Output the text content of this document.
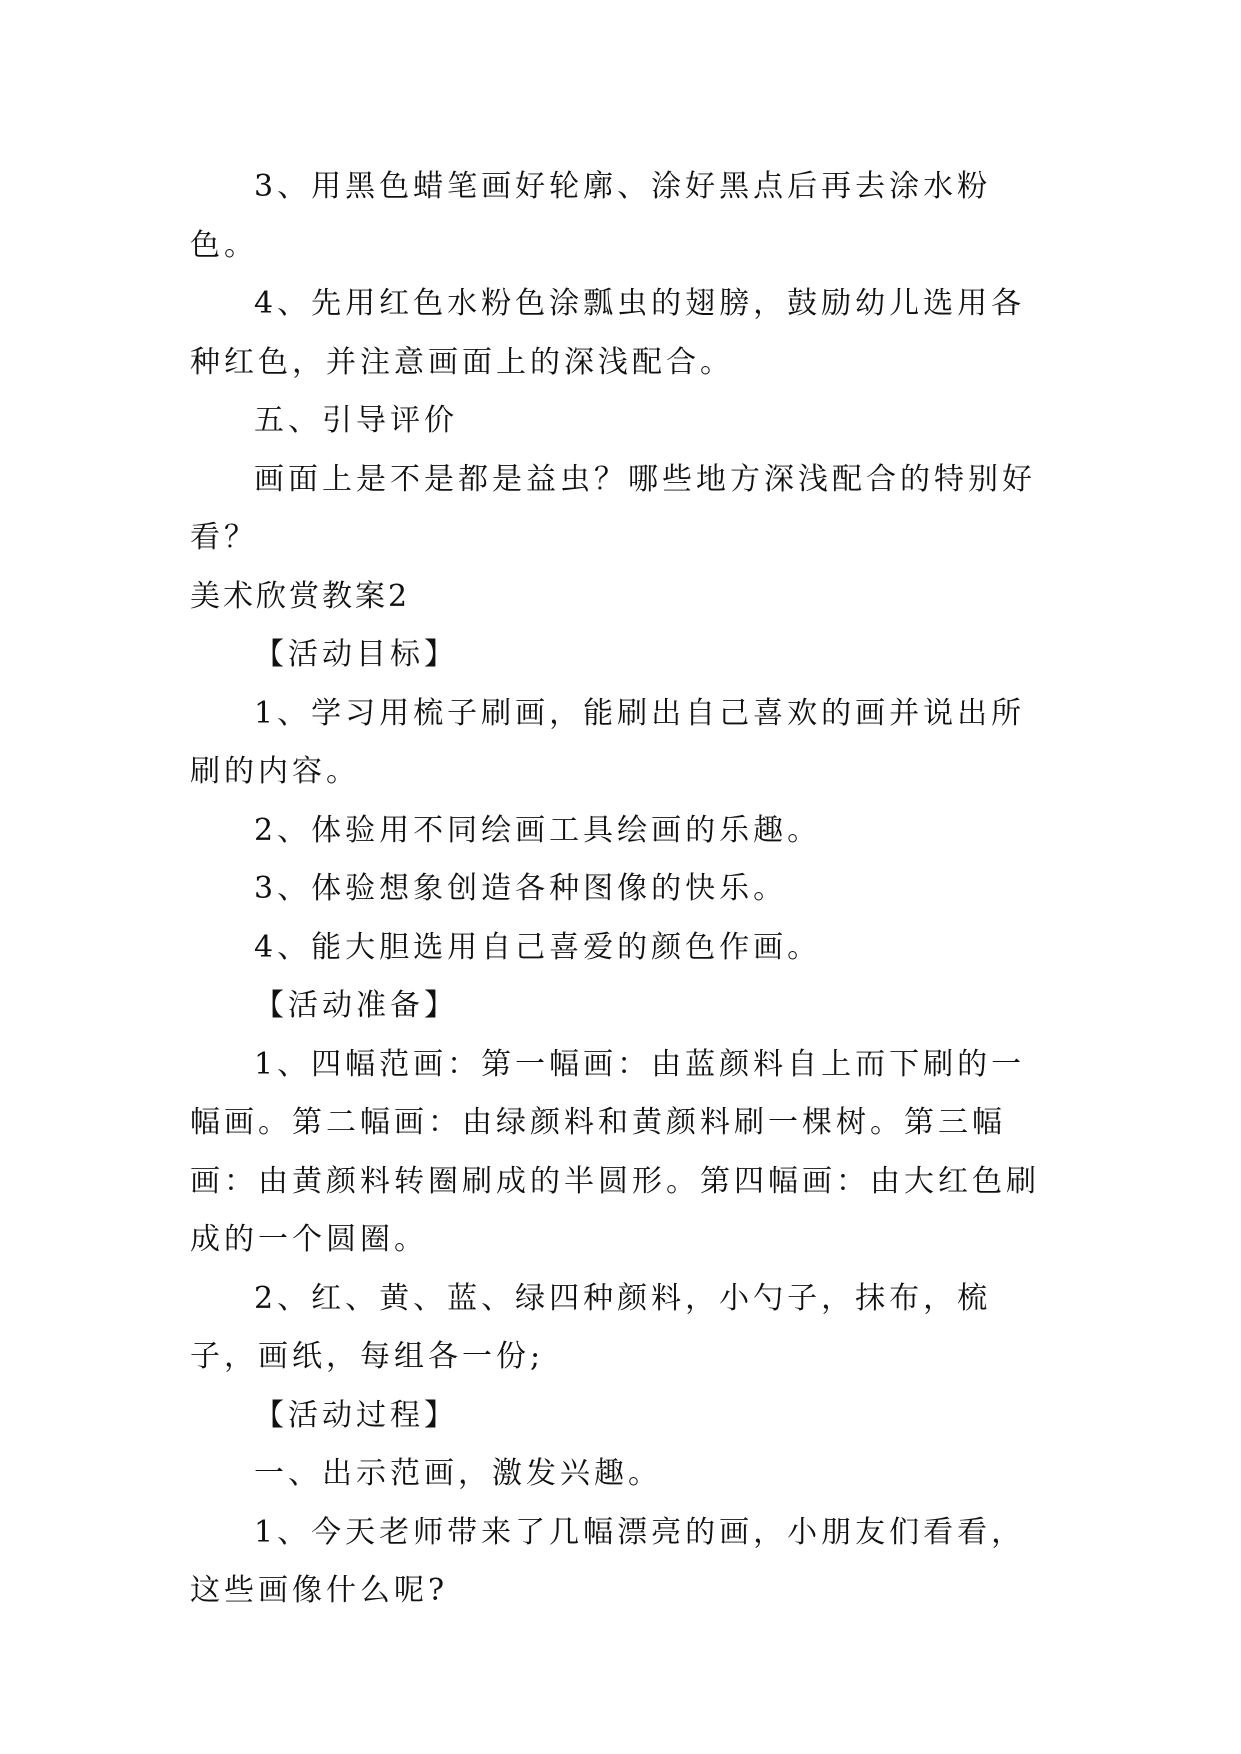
3、用黑色蜡笔画好轮廓、涂好黑点后再去涂水粉色。

4、先用红色水粉色涂瓢虫的翅膀，鼓励幼儿选用各种红色，并注意画面上的深浅配合。

五、引导评价

画面上是不是都是益虫？哪些地方深浅配合的特别好看？

美术欣赏教案2

【活动目标】

1、学习用梳子刷画，能刷出自己喜欢的画并说出所刷的内容。

2、体验用不同绘画工具绘画的乐趣。

3、体验想象创造各种图像的快乐。

4、能大胆选用自己喜爱的颜色作画。

【活动准备】

1、四幅范画：第一幅画：由蓝颜料自上而下刷的一幅画。第二幅画：由绿颜料和黄颜料刷一棵树。第三幅画：由黄颜料转圈刷成的半圆形。第四幅画：由大红色刷成的一个圆圈。

2、红、黄、蓝、绿四种颜料，小勺子，抹布，梳子，画纸，每组各一份;

【活动过程】

一、出示范画，激发兴趣。

1、今天老师带来了几幅漂亮的画，小朋友们看看，这些画像什么呢?
